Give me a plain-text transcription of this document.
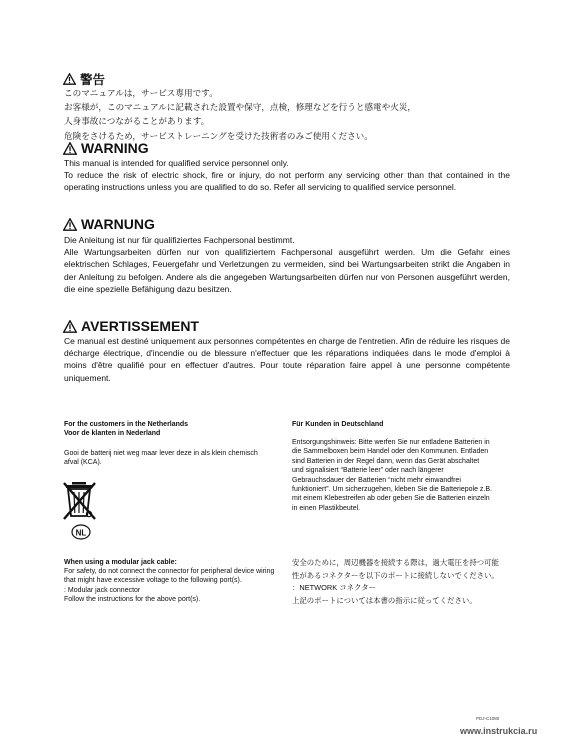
警告

このマニュアルは，サービス専用です。

お客様が，このマニュアルに記載された設置や保守，点検，修理などを行うと感電や火災，

人身事故につながることがあります。

危険をさけるため，サービストレーニングを受けた技術者のみご使用ください。

WARNING

This manual is intended for qualified service personnel only.

To reduce the risk of electric shock, fire or injury, do not perform any servicing other than that contained in the operating instructions unless you are qualified to do so. Refer all servicing to qualified service personnel.

WARNUNG

Die Anleitung ist nur für qualifiziertes Fachpersonal bestimmt.

Alle Wartungsarbeiten dürfen nur von qualifiziertem Fachpersonal ausgeführt werden. Um die Gefahr eines elektrischen Schlages, Feuergefahr und Verletzungen zu vermeiden, sind bei Wartungsarbeiten strikt die Angaben in der Anleitung zu befolgen. Andere als die angegeben Wartungsarbeiten dürfen nur von Personen ausgeführt werden, die eine spezielle Befähigung dazu besitzen.

AVERTISSEMENT
Ce manual est destiné uniquement aux personnes compétentes en charge de l'entretien. Afin de réduire les risques de décharge électrique, d'incendie ou de blessure n'effectuer que les réparations indiquées dans le mode d'emploi à moins d'être qualifié pour en effectuer d'autres. Pour toute réparation faire appel à une personne compétente uniquement.

For the customers in the Netherlands

Voor de klanten in Nederland

Gooi de batterij niet weg maar lever deze in als klein chemisch afval (KCA).
NL
Für Kunden in Deutschland
Entsorgungshinweis: Bitte werfen Sie nur entladene Batterien in die Sammelboxen beim Handel oder den Kommunen. Entladen sind Batterien in der Regel dann, wenn das Gerät abschaltet und signalisiert “Batterie leer” oder nach längerer Gebrauchsdauer der Batterien “nicht mehr einwandfrei funktioniert”. Um sicherzugehen, kleben Sie die Batteriepole z.B. mit einem Klebestreifen ab oder geben Sie die Batterien einzeln in einen Plastikbeutel.
When using a modular jack cable:

For safety, do not connect the connector for peripheral device wiring that might have excessive voltage to the following port(s).

: Modular jack connector

Follow the instructions for the above port(s).

安全のために，周辺機器を接続する際は，過大電圧を持つ可能性があるコネクターを以下のポートに接続しないでください。

：NETWORK コネクター

上記のポートについては本書の指示に従ってください。

PDJ-C1080
www.instrukcia.ru
